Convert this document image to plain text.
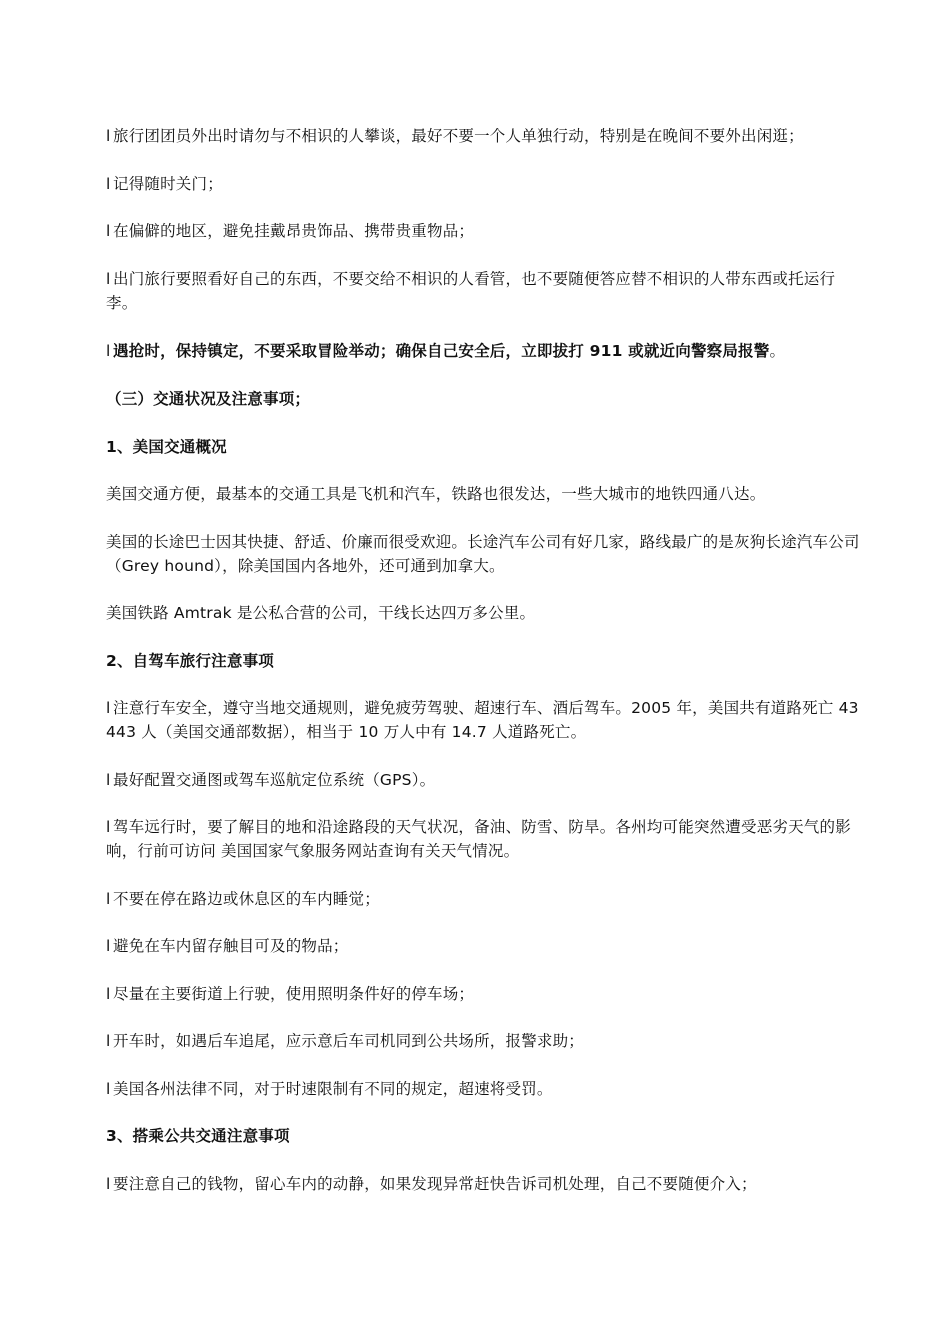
l 旅行团团员外出时请勿与不相识的人攀谈，最好不要一个人单独行动，特别是在晚间不要外出闲逛；

l 记得随时关门；

l 在偏僻的地区，避免挂戴昂贵饰品、携带贵重物品；

l 出门旅行要照看好自己的东西，不要交给不相识的人看管，也不要随便答应替不相识的人带东西或托运行李。

l 遇抢时，保持镇定，不要采取冒险举动；确保自己安全后，立即拔打 911 或就近向警察局报警。

（三）交通状况及注意事项；

1、美国交通概况

美国交通方便，最基本的交通工具是飞机和汽车，铁路也很发达，一些大城市的地铁四通八达。

美国的长途巴士因其快捷、舒适、价廉而很受欢迎。长途汽车公司有好几家，路线最广的是灰狗长途汽车公司（Grey hound），除美国国内各地外，还可通到加拿大。

美国铁路 Amtrak 是公私合营的公司，干线长达四万多公里。

2、自驾车旅行注意事项

l 注意行车安全，遵守当地交通规则，避免疲劳驾驶、超速行车、酒后驾车。2005 年，美国共有道路死亡 43443 人（美国交通部数据），相当于 10 万人中有 14.7 人道路死亡。

l 最好配置交通图或驾车巡航定位系统（GPS）。

l 驾车远行时，要了解目的地和沿途路段的天气状况，备油、防雪、防旱。各州均可能突然遭受恶劣天气的影响，行前可访问 美国国家气象服务网站查询有关天气情况。

l 不要在停在路边或休息区的车内睡觉；

l 避免在车内留存触目可及的物品；

l 尽量在主要街道上行驶，使用照明条件好的停车场；

l 开车时，如遇后车追尾，应示意后车司机同到公共场所，报警求助；

l 美国各州法律不同，对于时速限制有不同的规定，超速将受罚。

3、搭乘公共交通注意事项

l 要注意自己的钱物，留心车内的动静，如果发现异常赶快告诉司机处理，自己不要随便介入；
